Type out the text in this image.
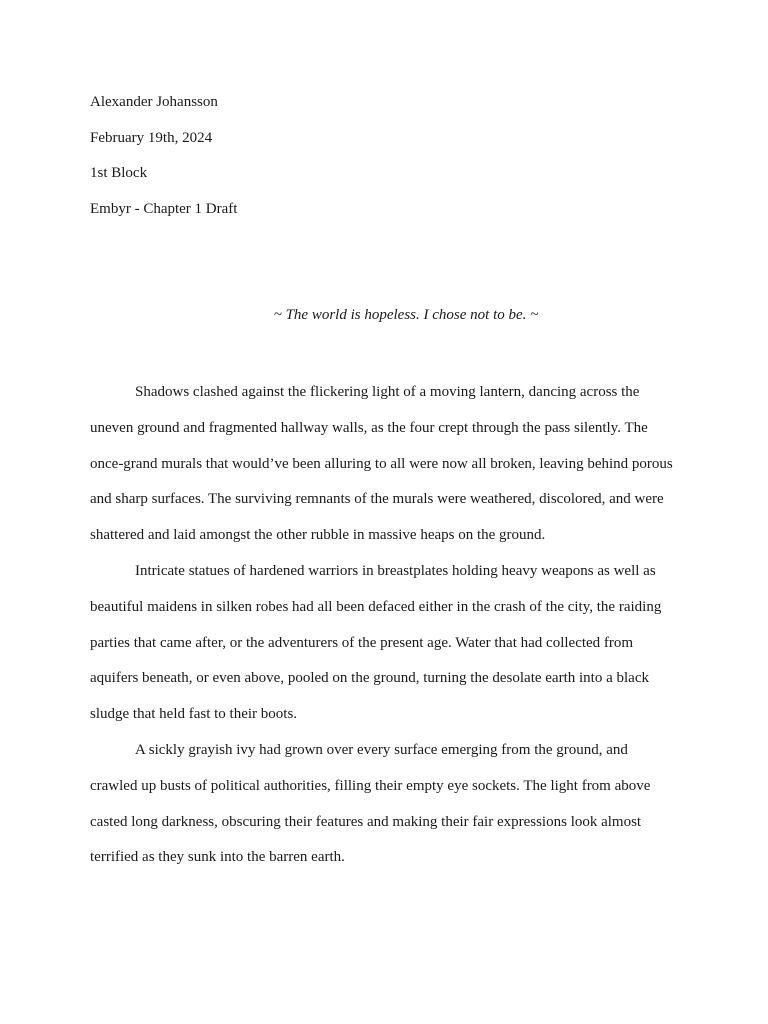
Alexander Johansson
February 19th, 2024
1st Block
Embyr - Chapter 1 Draft
~ The world is hopeless. I chose not to be. ~
Shadows clashed against the flickering light of a moving lantern, dancing across the
uneven ground and fragmented hallway walls, as the four crept through the pass silently. The
once-grand murals that would’ve been alluring to all were now all broken, leaving behind porous
and sharp surfaces. The surviving remnants of the murals were weathered, discolored, and were
shattered and laid amongst the other rubble in massive heaps on the ground.
Intricate statues of hardened warriors in breastplates holding heavy weapons as well as
beautiful maidens in silken robes had all been defaced either in the crash of the city, the raiding
parties that came after, or the adventurers of the present age. Water that had collected from
aquifers beneath, or even above, pooled on the ground, turning the desolate earth into a black
sludge that held fast to their boots.
A sickly grayish ivy had grown over every surface emerging from the ground, and
crawled up busts of political authorities, filling their empty eye sockets. The light from above
casted long darkness, obscuring their features and making their fair expressions look almost
terrified as they sunk into the barren earth.
